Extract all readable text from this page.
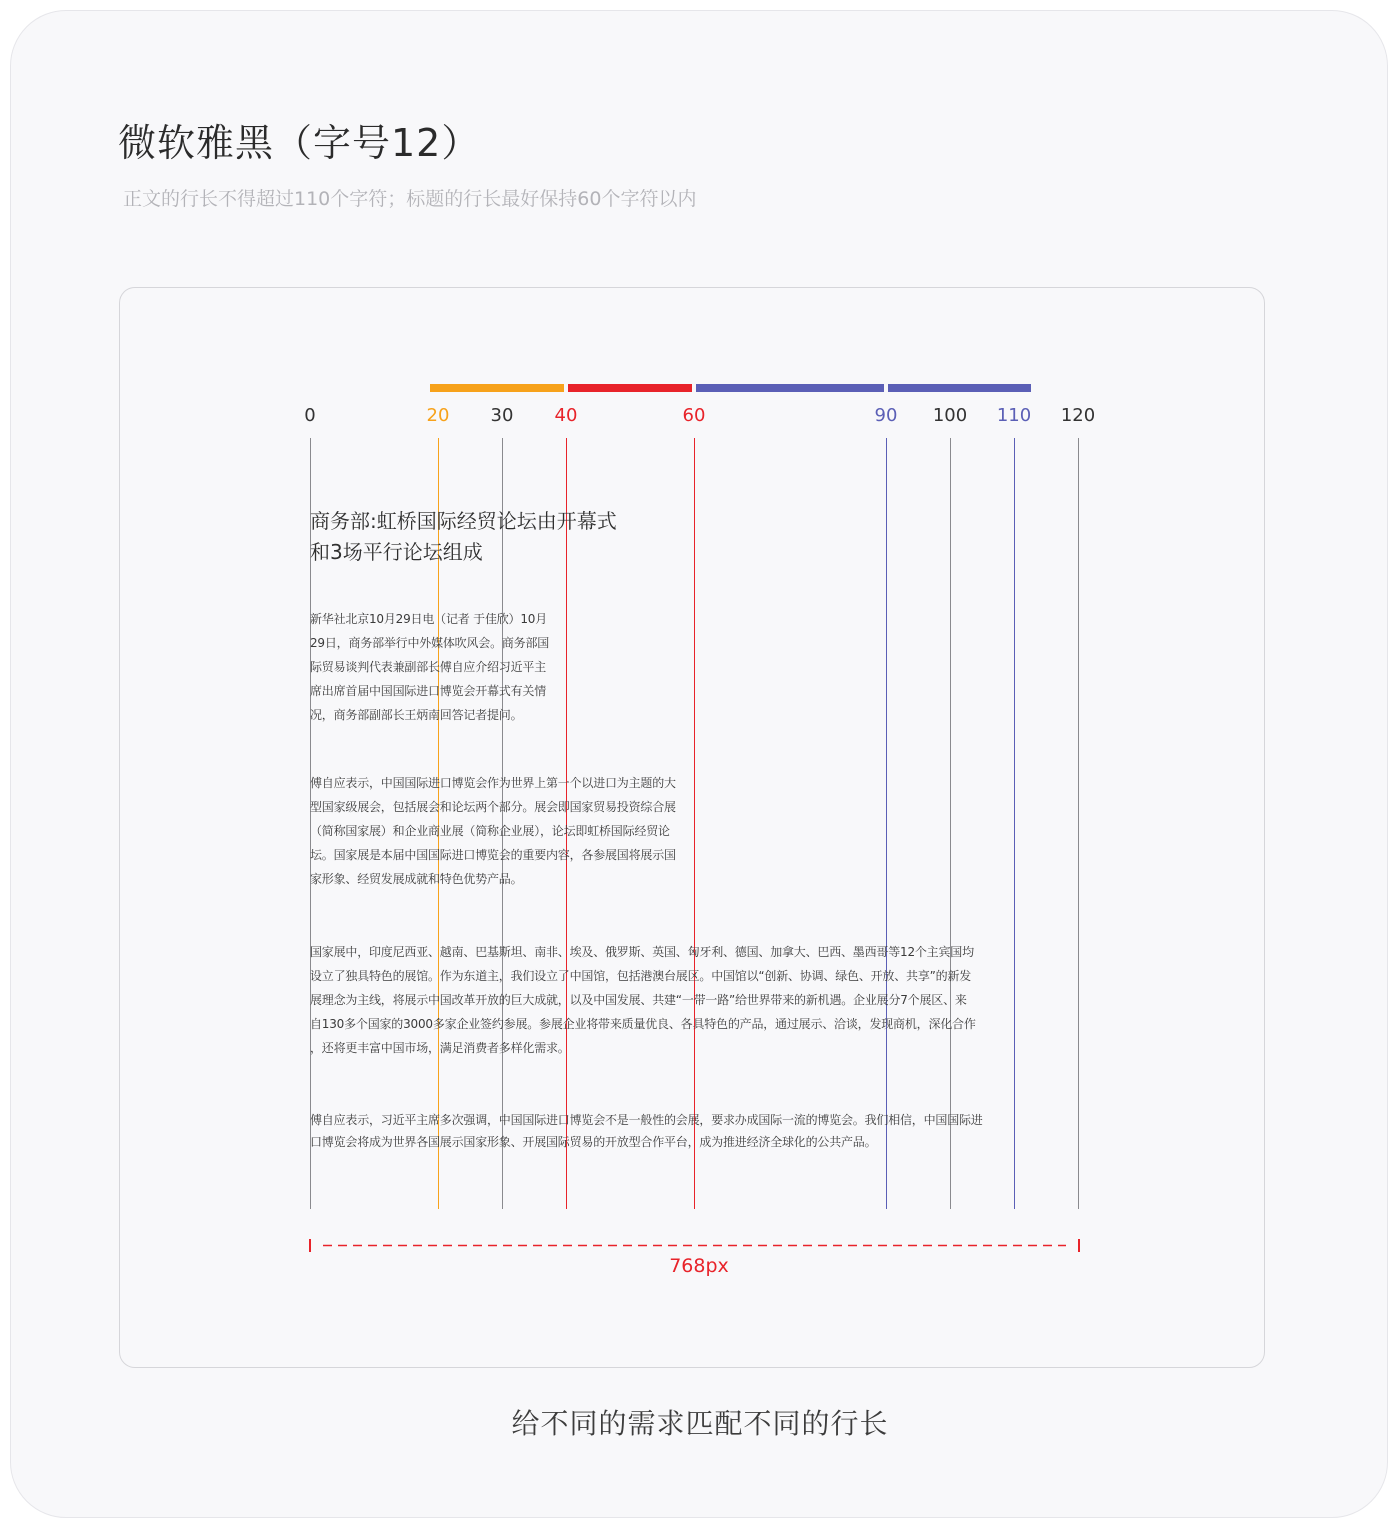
微软雅黑（字号12）
正文的行长不得超过110个字符；标题的行长最好保持60个字符以内
0	20 30 40	60	90 100 110 120
商务部:虹桥国际经贸论坛由开幕式和3场平行论坛组成
新华社北京10月29日电（记者 于佳欣）10月
29日，商务部举行中外媒体吹风会。商务部国
际贸易谈判代表兼副部长傅自应介绍习近平主
席出席首届中国国际进口博览会开幕式有关情
况，商务部副部长王炳南回答记者提问。
傅自应表示，中国国际进口博览会作为世界上第一个以进口为主题的大
型国家级展会，包括展会和论坛两个部分。展会即国家贸易投资综合展
（简称国家展）和企业商业展（简称企业展），论坛即虹桥国际经贸论
坛。国家展是本届中国国际进口博览会的重要内容，各参展国将展示国
家形象、经贸发展成就和特色优势产品。
国家展中，印度尼西亚、越南、巴基斯坦、南非、埃及、俄罗斯、英国、匈牙利、德国、加拿大、巴西、墨西哥等12个主宾国均
设立了独具特色的展馆。作为东道主，我们设立了中国馆，包括港澳台展区。中国馆以“创新、协调、绿色、开放、共享”的新发
展理念为主线，将展示中国改革开放的巨大成就，以及中国发展、共建“一带一路”给世界带来的新机遇。企业展分7个展区、来
自130多个国家的3000多家企业签约参展。参展企业将带来质量优良、各具特色的产品，通过展示、洽谈，发现商机，深化合作
，还将更丰富中国市场，满足消费者多样化需求。
傅自应表示，习近平主席多次强调，中国国际进口博览会不是一般性的会展，要求办成国际一流的博览会。我们相信，中国国际进
口博览会将成为世界各国展示国家形象、开展国际贸易的开放型合作平台，成为推进经济全球化的公共产品。
768px
给不同的需求匹配不同的行长
